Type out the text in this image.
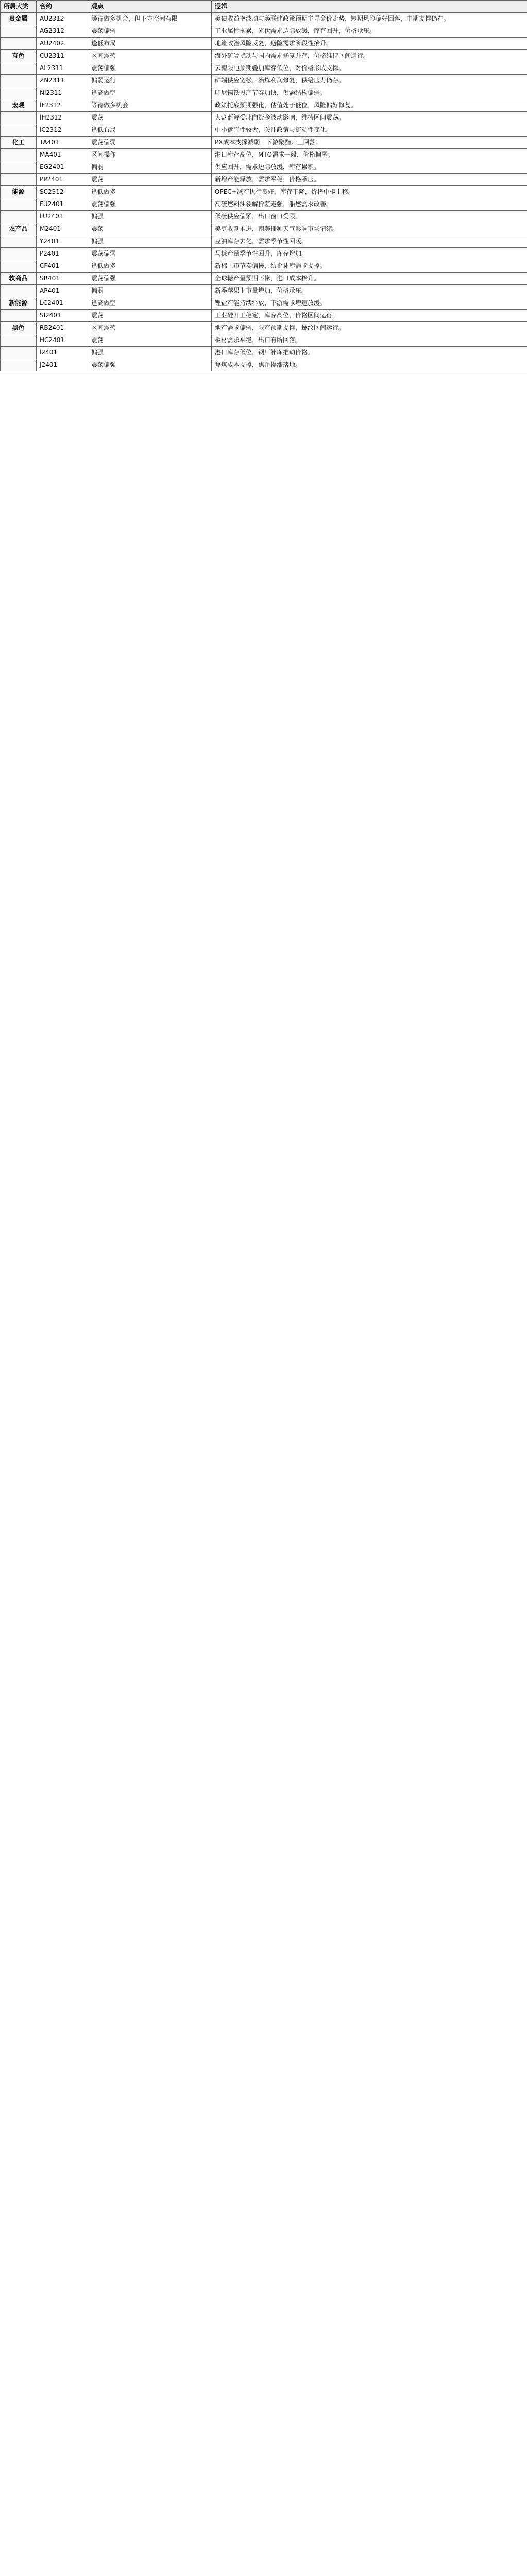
所属大类	合约	观点	逻辑
贵金属	AU2312	等待做多机会，但下方空间有限	美债收益率波动与美联储政策预期主导金价走势，短期风险偏好回落，中期支撑仍在。
	AG2312	震荡偏弱	工业属性拖累，光伏需求边际放缓，库存回升，价格承压。
	AU2402	逢低布局	地缘政治风险反复，避险需求阶段性抬升。
有色	CU2311	区间震荡	海外矿端扰动与国内需求修复并存，价格维持区间运行。
	AL2311	震荡偏强	云南限电预期叠加库存低位，对价格形成支撑。
	ZN2311	偏弱运行	矿端供应宽松，冶炼利润修复，供给压力仍存。
	NI2311	逢高做空	印尼镍铁投产节奏加快，供需结构偏弱。
宏观	IF2312	等待做多机会	政策托底预期强化，估值处于低位，风险偏好修复。
	IH2312	震荡	大盘蓝筹受北向资金波动影响，维持区间震荡。
	IC2312	逢低布局	中小盘弹性较大，关注政策与流动性变化。
化工	TA401	震荡偏弱	PX成本支撑减弱，下游聚酯开工回落。
	MA401	区间操作	港口库存高位，MTO需求一般，价格偏弱。
	EG2401	偏弱	供应回升，需求边际放缓，库存累积。
	PP2401	震荡	新增产能释放，需求平稳，价格承压。
能源	SC2312	逢低做多	OPEC+减产执行良好，库存下降，价格中枢上移。
	FU2401	震荡偏强	高硫燃料油裂解价差走强，船燃需求改善。
	LU2401	偏强	低硫供应偏紧，出口窗口受限。
农产品	M2401	震荡	美豆收割推进，南美播种天气影响市场情绪。
	Y2401	偏强	豆油库存去化，需求季节性回暖。
	P2401	震荡偏弱	马棕产量季节性回升，库存增加。
	CF401	逢低做多	新棉上市节奏偏慢，纺企补库需求支撑。
软商品	SR401	震荡偏强	全球糖产量预期下修，进口成本抬升。
	AP401	偏弱	新季苹果上市量增加，价格承压。
新能源	LC2401	逢高做空	锂盐产能持续释放，下游需求增速放缓。
	SI2401	震荡	工业硅开工稳定，库存高位，价格区间运行。
黑色	RB2401	区间震荡	地产需求偏弱，限产预期支撑，螺纹区间运行。
	HC2401	震荡	板材需求平稳，出口有所回落。
	I2401	偏强	港口库存低位，钢厂补库推动价格。
	J2401	震荡偏强	焦煤成本支撑，焦企提涨落地。
